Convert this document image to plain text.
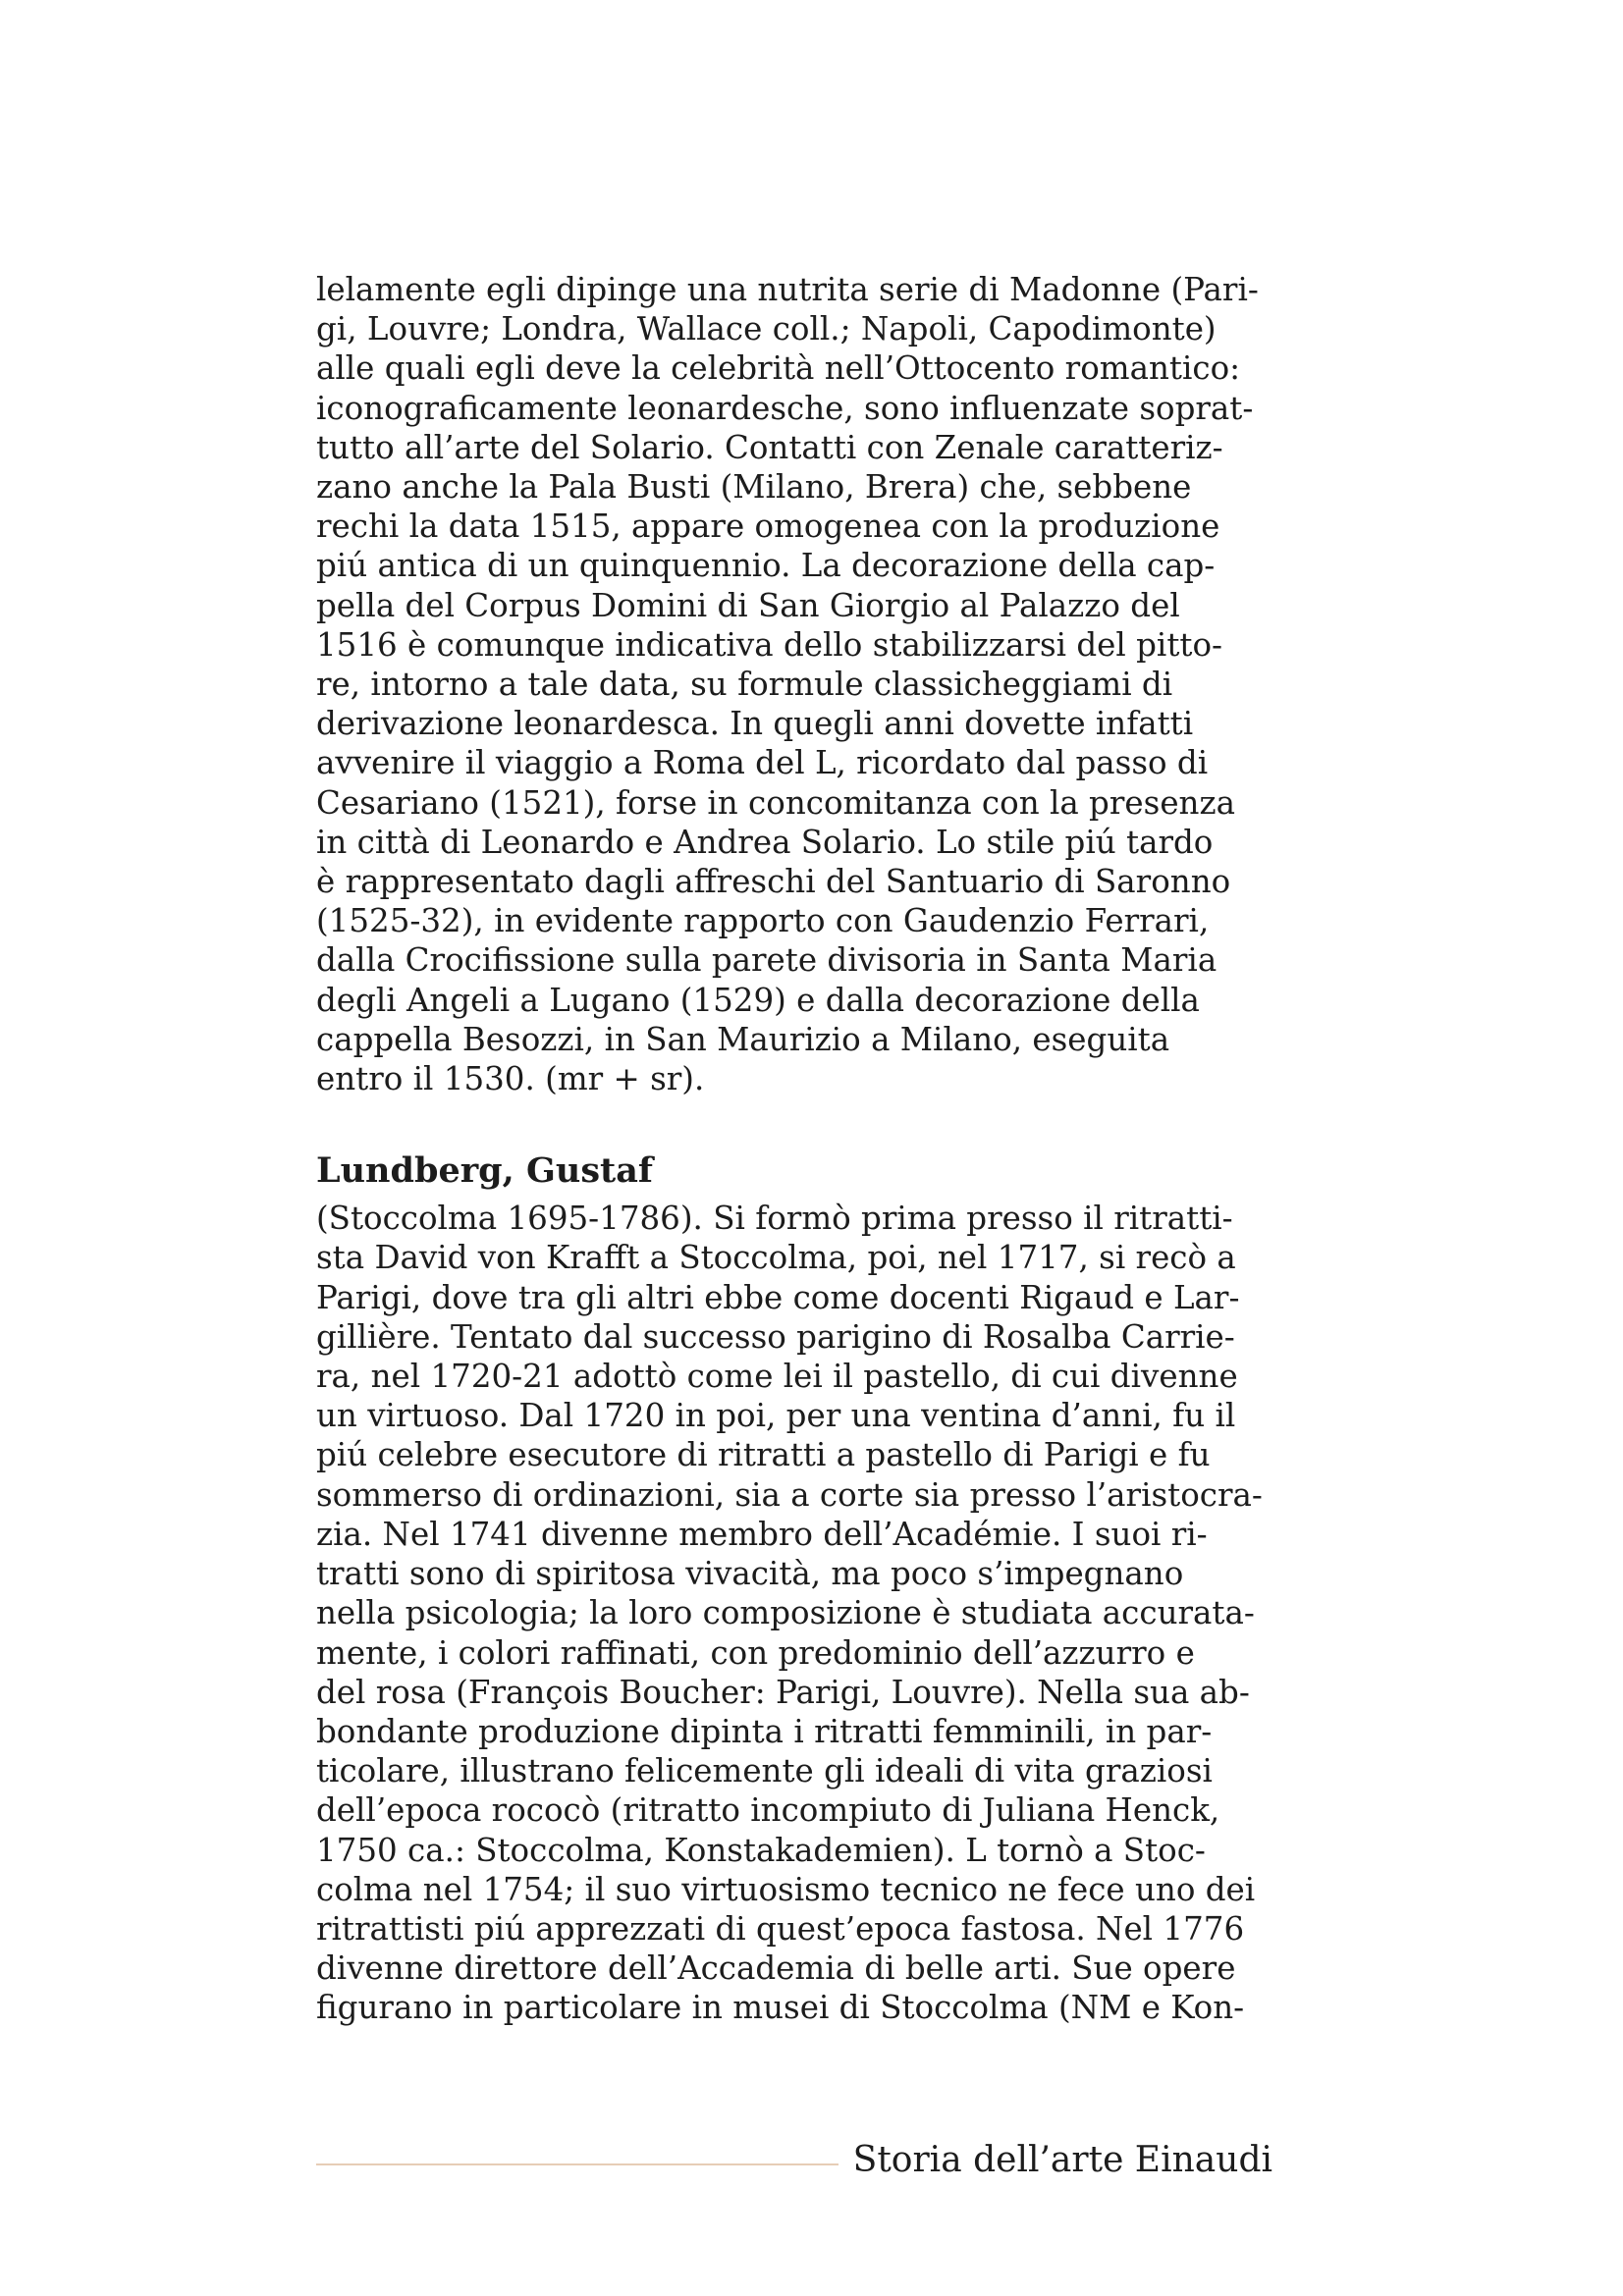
lelamente egli dipinge una nutrita serie di Madonne (Pari-

gi, Louvre; Londra, Wallace coll.; Napoli, Capodimonte)

alle quali egli deve la celebrità nell’Ottocento romantico:

iconograficamente leonardesche, sono influenzate soprat-

tutto all’arte del Solario. Contatti con Zenale caratteriz-

zano anche la Pala Busti (Milano, Brera) che, sebbene

rechi la data 1515, appare omogenea con la produzione

piú antica di un quinquennio. La decorazione della cap-

pella del Corpus Domini di San Giorgio al Palazzo del

1516 è comunque indicativa dello stabilizzarsi del pitto-

re, intorno a tale data, su formule classicheggiami di

derivazione leonardesca. In quegli anni dovette infatti

avvenire il viaggio a Roma del L, ricordato dal passo di

Cesariano (1521), forse in concomitanza con la presenza

in città di Leonardo e Andrea Solario. Lo stile piú tardo

è rappresentato dagli affreschi del Santuario di Saronno

(1525-32), in evidente rapporto con Gaudenzio Ferrari,

dalla Crocifissione sulla parete divisoria in Santa Maria

degli Angeli a Lugano (1529) e dalla decorazione della

cappella Besozzi, in San Maurizio a Milano, eseguita

entro il 1530. (mr + sr).

Lundberg, Gustaf

(Stoccolma 1695-1786). Si formò prima presso il ritratti-

sta David von Krafft a Stoccolma, poi, nel 1717, si recò a

Parigi, dove tra gli altri ebbe come docenti Rigaud e Lar-

gillière. Tentato dal successo parigino di Rosalba Carrie-

ra, nel 1720-21 adottò come lei il pastello, di cui divenne

un virtuoso. Dal 1720 in poi, per una ventina d’anni, fu il

piú celebre esecutore di ritratti a pastello di Parigi e fu

sommerso di ordinazioni, sia a corte sia presso l’aristocra-

zia. Nel 1741 divenne membro dell’Académie. I suoi ri-

tratti sono di spiritosa vivacità, ma poco s’impegnano

nella psicologia; la loro composizione è studiata accurata-

mente, i colori raffinati, con predominio dell’azzurro e

del rosa (François Boucher: Parigi, Louvre). Nella sua ab-

bondante produzione dipinta i ritratti femminili, in par-

ticolare, illustrano felicemente gli ideali di vita graziosi

dell’epoca rococò (ritratto incompiuto di Juliana Henck,

1750 ca.: Stoccolma, Konstakademien). L tornò a Stoc-

colma nel 1754; il suo virtuosismo tecnico ne fece uno dei

ritrattisti piú apprezzati di quest’epoca fastosa. Nel 1776

divenne direttore dell’Accademia di belle arti. Sue opere

figurano in particolare in musei di Stoccolma (NM e Kon-

Storia dell’arte Einaudi
